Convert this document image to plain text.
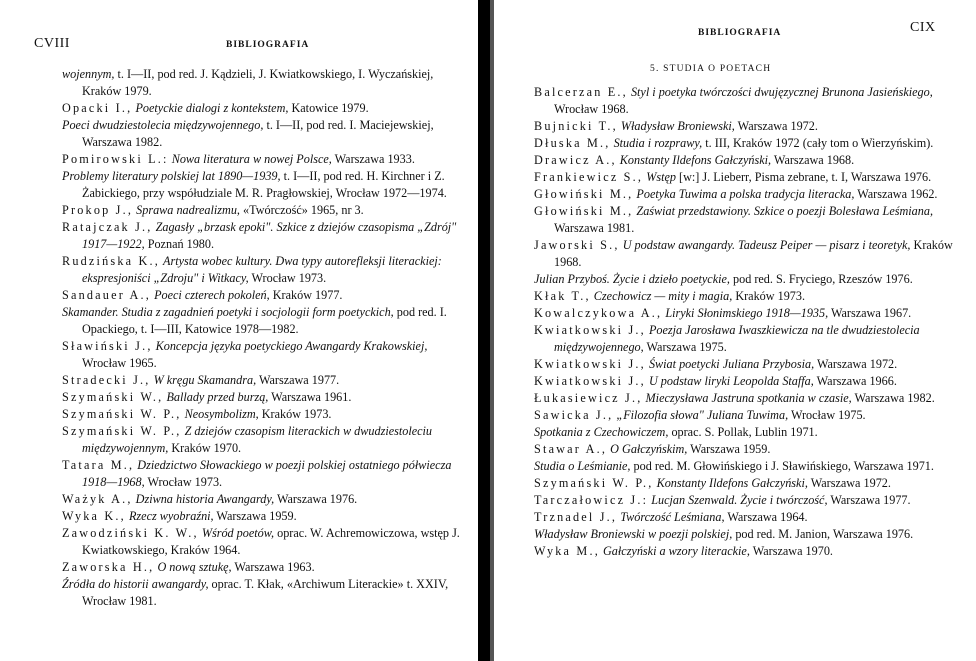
CVIII	BIBLIOGRAFIA

wojennym, t. I—II, pod red. J. Kądzieli, J. Kwiatkowskiego, I. Wyczańskiej, Kraków 1979.

Opacki I., Poetyckie dialogi z kontekstem, Katowice 1979.

Poeci dwudziestolecia międzywojennego, t. I—II, pod red. I. Maciejewskiej, Warszawa 1982.

Pomirowski L.: Nowa literatura w nowej Polsce, Warszawa 1933.

Problemy literatury polskiej lat 1890—1939, t. I—II, pod red. H. Kirchner i Z. Żabickiego, przy współudziale M. R. Pragłowskiej, Wrocław 1972—1974.

Prokop J., Sprawa nadrealizmu, «Twórczość» 1965, nr 3.

Ratajczak J., Zagasły „brzask epoki". Szkice z dziejów czasopisma „Zdrój" 1917—1922, Poznań 1980.

Rudzińska K., Artysta wobec kultury. Dwa typy autorefleksji literackiej: ekspresjoniści „Zdroju" i Witkacy, Wrocław 1973.

Sandauer A., Poeci czterech pokoleń, Kraków 1977.

Skamander. Studia z zagadnień poetyki i socjologii form poetyckich, pod red. I. Opackiego, t. I—III, Katowice 1978—1982.

Sławiński J., Koncepcja języka poetyckiego Awangardy Krakowskiej, Wrocław 1965.

Stradecki J., W kręgu Skamandra, Warszawa 1977.

Szymański W., Ballady przed burzą, Warszawa 1961.

Szymański W. P., Neosymbolizm, Kraków 1973.

Szymański W. P., Z dziejów czasopism literackich w dwudziestoleciu międzywojennym, Kraków 1970.

Tatara M., Dziedzictwo Słowackiego w poezji polskiej ostatniego półwiecza 1918—1968, Wrocław 1973.

Ważyk A., Dziwna historia Awangardy, Warszawa 1976.

Wyka K., Rzecz wyobraźni, Warszawa 1959.

Zawodziński K. W., Wśród poetów, oprac. W. Achremowiczowa, wstęp J. Kwiatkowskiego, Kraków 1964.

Zaworska H., O nową sztukę, Warszawa 1963.

Źródła do historii awangardy, oprac. T. Kłak, «Archiwum Literackie» t. XXIV, Wrocław 1981.

BIBLIOGRAFIA	CIX
5. STUDIA O POETACH

Balcerzan E., Styl i poetyka twórczości dwujęzycznej Brunona Jasieńskiego, Wrocław 1968.

Bujnicki T., Władysław Broniewski, Warszawa 1972.

Dłuska M., Studia i rozprawy, t. III, Kraków 1972 (cały tom o Wierzyńskim).

Drawicz A., Konstanty Ildefons Gałczyński, Warszawa 1968.

Frankiewicz S., Wstęp [w:] J. Lieberr, Pisma zebrane, t. I, Warszawa 1976.

Głowiński M., Poetyka Tuwima a polska tradycja literacka, Warszawa 1962.

Głowiński M., Zaświat przedstawiony. Szkice o poezji Bolesława Leśmiana, Warszawa 1981.

Jaworski S., U podstaw awangardy. Tadeusz Peiper — pisarz i teoretyk, Kraków 1968.

Julian Przyboś. Życie i dzieło poetyckie, pod red. S. Fryciego, Rzeszów 1976.

Kłak T., Czechowicz — mity i magia, Kraków 1973.

Kowalczykowa A., Liryki Słonimskiego 1918—1935, Warszawa 1967.

Kwiatkowski J., Poezja Jarosława Iwaszkiewicza na tle dwudziestolecia międzywojennego, Warszawa 1975.

Kwiatkowski J., Świat poetycki Juliana Przybosia, Warszawa 1972.

Kwiatkowski J., U podstaw liryki Leopolda Staffa, Warszawa 1966.

Łukasiewicz J., Mieczysława Jastruna spotkania w czasie, Warszawa 1982.

Sawicka J., „Filozofia słowa" Juliana Tuwima, Wrocław 1975.

Spotkania z Czechowiczem, oprac. S. Pollak, Lublin 1971.

Stawar A., O Gałczyńskim, Warszawa 1959.

Studia o Leśmianie, pod red. M. Głowińskiego i J. Sławińskiego, Warszawa 1971.

Szymański W. P., Konstanty Ildefons Gałczyński, Warszawa 1972.

Tarczałowicz J.: Lucjan Szenwald. Życie i twórczość, Warszawa 1977.

Trznadel J., Twórczość Leśmiana, Warszawa 1964.

Władysław Broniewski w poezji polskiej, pod red. M. Janion, Warszawa 1976.

Wyka M., Gałczyński a wzory literackie, Warszawa 1970.
